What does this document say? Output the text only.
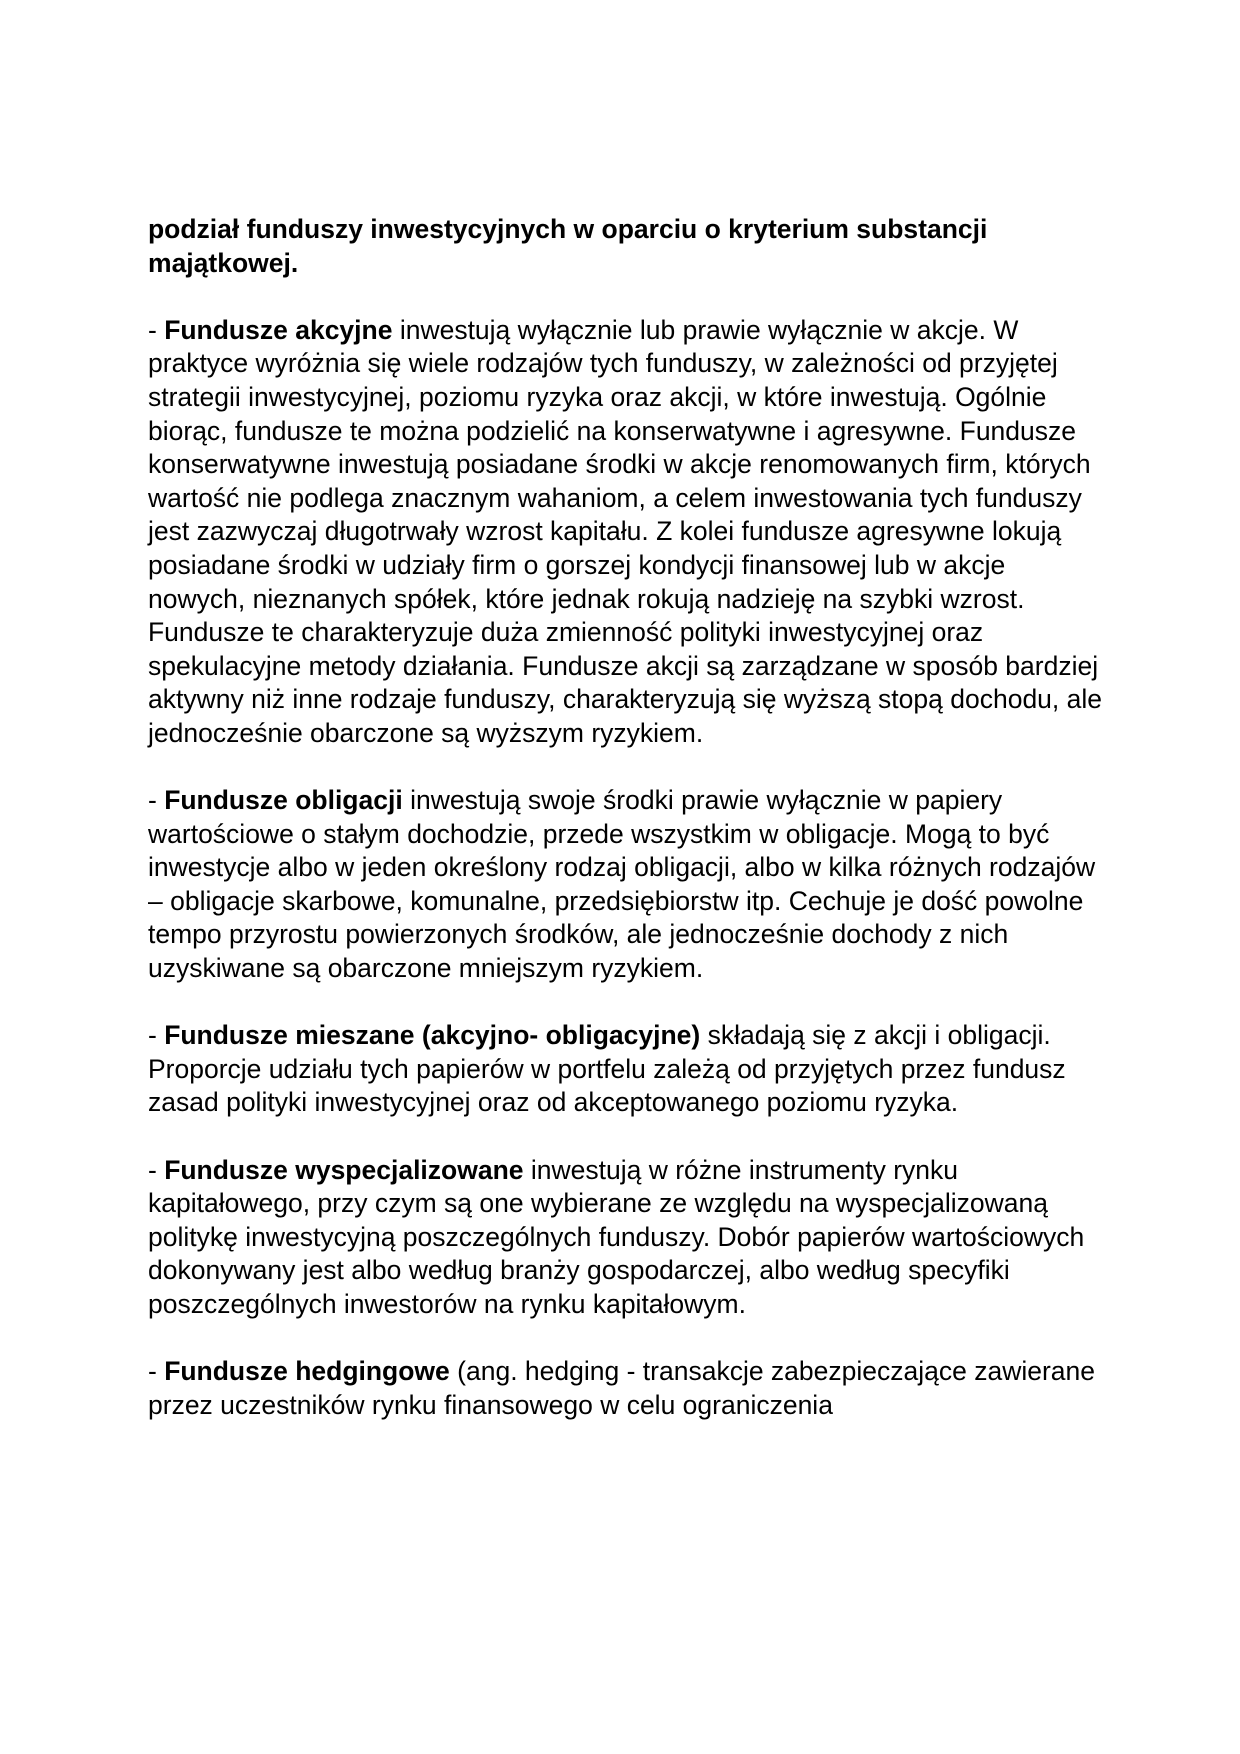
podział funduszy inwestycyjnych w oparciu o kryterium substancji majątkowej.

- Fundusze akcyjne inwestują wyłącznie lub prawie wyłącznie w akcje. W praktyce wyróżnia się wiele rodzajów tych funduszy, w zależności od przyjętej strategii inwestycyjnej, poziomu ryzyka oraz akcji, w które inwestują. Ogólnie biorąc, fundusze te można podzielić na konserwatywne i agresywne. Fundusze konserwatywne inwestują posiadane środki w akcje renomowanych firm, których wartość nie podlega znacznym wahaniom, a celem inwestowania tych funduszy jest zazwyczaj długotrwały wzrost kapitału. Z kolei fundusze agresywne lokują posiadane środki w udziały firm o gorszej kondycji finansowej lub w akcje nowych, nieznanych spółek, które jednak rokują nadzieję na szybki wzrost. Fundusze te charakteryzuje duża zmienność polityki inwestycyjnej oraz spekulacyjne metody działania. Fundusze akcji są zarządzane w sposób bardziej aktywny niż inne rodzaje funduszy, charakteryzują się wyższą stopą dochodu, ale jednocześnie obarczone są wyższym ryzykiem.

- Fundusze obligacji inwestują swoje środki prawie wyłącznie w papiery wartościowe o stałym dochodzie, przede wszystkim w obligacje. Mogą to być inwestycje albo w jeden określony rodzaj obligacji, albo w kilka różnych rodzajów – obligacje skarbowe, komunalne, przedsiębiorstw itp. Cechuje je dość powolne tempo przyrostu powierzonych środków, ale jednocześnie dochody z nich uzyskiwane są obarczone mniejszym ryzykiem.

- Fundusze mieszane (akcyjno- obligacyjne) składają się z akcji i obligacji. Proporcje udziału tych papierów w portfelu zależą od przyjętych przez fundusz zasad polityki inwestycyjnej oraz od akceptowanego poziomu ryzyka.

- Fundusze wyspecjalizowane inwestują w różne instrumenty rynku kapitałowego, przy czym są one wybierane ze względu na wyspecjalizowaną politykę inwestycyjną poszczególnych funduszy. Dobór papierów wartościowych dokonywany jest albo według branży gospodarczej, albo według specyfiki poszczególnych inwestorów na rynku kapitałowym.

- Fundusze hedgingowe (ang. hedging - transakcje zabezpieczające zawierane przez uczestników rynku finansowego w celu ograniczenia
